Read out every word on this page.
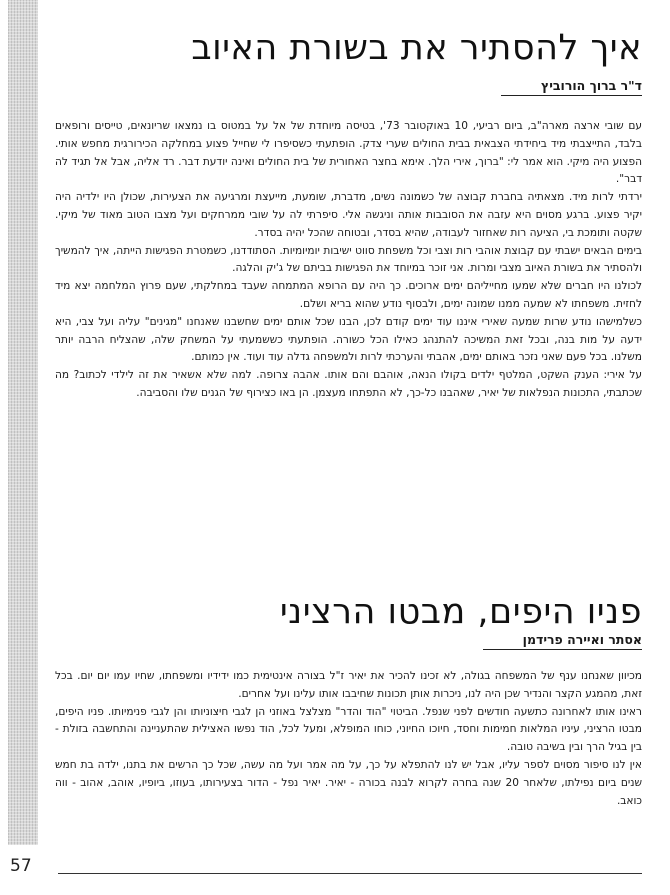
איך להסתיר את בשורת האיוב
ד"ר ברוך הורוביץ

עם שובי ארצה מארה"ב, ביום רביעי, 10 באוקטובר 73', בטיסה מיוחדת של אל על במטוס בו נמצאו שריונאים, טייסים ורופאים בלבד, התייצבתי מיד ביחידתי הצבאית בבית החולים שערי צדק. הופתעתי כשסיפרו לי שחייל פצוע במחלקה הכירורגית מחפש אותי. הפצוע היה מיקי. הוא אמר לי: "ברוך, אירי הלך. אימא בחצר האחורית של בית החולים ואינה יודעת דבר. רד אליה, אבל אל תגיד לה דבר".

ירדתי לרות מיד. מצאתיה בחברת קבוצה של כשמונה נשים, מדברת, שומעת, מייעצת ומרגיעה את הצעירות, שכולן היו ילדיה היה יקיר פצוע. ברגע מסוים היא עזבה את הסובבות אותה וניגשה אלי. סיפרתי לה על שובי ממרחקים ועל מצבו הטוב מאוד של מיקי. שקטה ותומכת בי, הציעה רות שאחזור לעבודה, שהיא בסדר, ובטוחה שהכל יהיה בסדר.

בימים הבאים ישבתי עם קבוצת אוהבי רות וצבי וכל משפחת סווט ישיבות יומיומיות. הסתודדנו, כשמטרת הפגישות הייתה, איך להמשיך ולהסתיר את בשורת האיוב מצבי ומרות. אני זוכר במיוחד את הפגישות בביתם של ג'יק והלגה.

לכולנו היו חברים שלא שמעו מחייליהם ימים ארוכים. כך היה עם הרופא המתמחה שעבד במחלקתי, שעם פרוץ המלחמה יצא מיד לחזית. משפחתו לא שמעה ממנו שמונה ימים, ולבסוף נודע שהוא בריא ושלם.

כשלמישהו נודע שרות שמעה שאירי איננו עוד ימים קודם לכן, הבנו שכל אותם ימים שחשבנו שאנחנו "מגינים" עליה ועל צבי, היא ידעה על מות בנה, ובכל זאת המשיכה להתנהג כאילו הכל כשורה. הופתעתי כששמעתי על המשחק שלה, שהצליח הרבה יותר משלנו. בכל פעם שאני נזכר באותם ימים, אהבתי והערכתי לרות ולמשפחה גדלה עוד ועוד. אין כמותם.

על אירי: הענק השקט, המלטף ילדים בקולו הנאה, אוהבם והם אותו. אהבה צרופה. למה שלא אשאיר את זה לילדי לכתוב? מה שכתבתי, התכונות הנפלאות של יאיר, שאהבנו כל-כך, לא התפתחו מעצמן. הן באו כצירוף של הגנים שלו והסביבה.

פניו היפים, מבטו הרציני
אסתר ואיירה פרידמן

מכיוון שאנחנו ענף של המשפחה בגולה, לא זכינו להכיר את יאיר ז"ל בצורה אינטימית כמו ידידיו ומשפחתו, שחיו עמו יום יום. בכל זאת, מהמגע הקצר והנדיר שכן היה לנו, ניכרות אותן תכונות שחיבבו אותו עלינו ועל אחרים.

ראינו אותו לאחרונה כתשעה חודשים לפני שנפל. הביטוי "הוד והדר" מצלצל באוזני הן לגבי חיצוניותו והן לגבי פנימיותו. פניו היפים, מבטו הרציני, עיניו המלאות חמימות וחסד, חיוכו החיוני, כוחו המופלא, ומעל לכל, הוד נפשו האצילית שהתעניינה והתחשבה בזולת - בין בגיל הרך ובין בשיבה טובה.

אין לנו סיפור מסוים לספר עליו, אבל יש לנו להתפלא על כך, על מה אמר ועל מה עשה, שכל כך הרשים את בתנו, ילדה בת חמש שנים ביום נפילתו, שלאחר 20 שנה בחרה לקרוא לבנה בכורה - יאיר. יאיר נפל - הדור בצעירותו, בעוזו, ביופיו, אוהב, אהוב - ווה כואב.

57
